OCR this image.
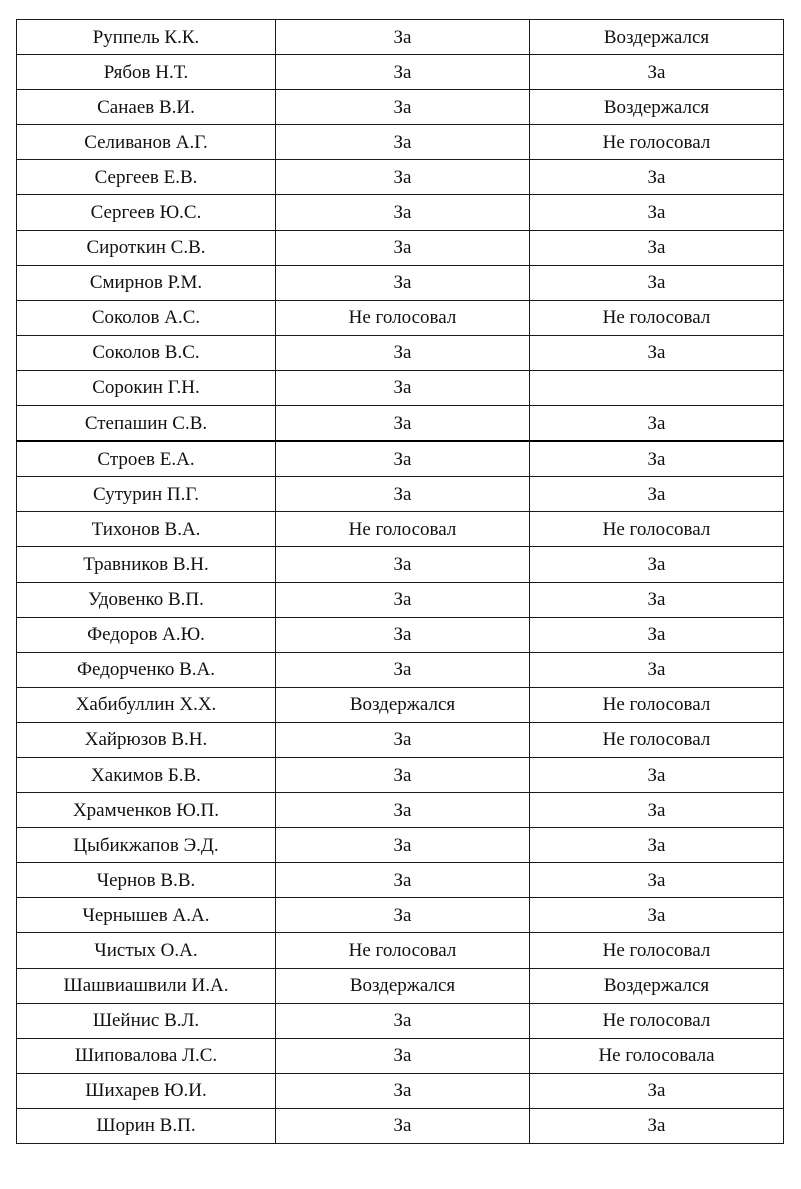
Руппель К.К.	За	Воздержался
Рябов Н.Т.	За	За
Санаев В.И.	За	Воздержался
Селиванов А.Г.	За	Не голосовал
Сергеев Е.В.	За	За
Сергеев Ю.С.	За	За
Сироткин С.В.	За	За
Смирнов Р.М.	За	За
Соколов А.С.	Не голосовал	Не голосовал
Соколов В.С.	За	За
Сорокин Г.Н.	За	
Степашин С.В.	За	За
Строев Е.А.	За	За
Сутурин П.Г.	За	За
Тихонов В.А.	Не голосовал	Не голосовал
Травников В.Н.	За	За
Удовенко В.П.	За	За
Федоров А.Ю.	За	За
Федорченко В.А.	За	За
Хабибуллин Х.Х.	Воздержался	Не голосовал
Хайрюзов В.Н.	За	Не голосовал
Хакимов Б.В.	За	За
Храмченков Ю.П.	За	За
Цыбикжапов Э.Д.	За	За
Чернов В.В.	За	За
Чернышев А.А.	За	За
Чистых О.А.	Не голосовал	Не голосовал
Шашвиашвили И.А.	Воздержался	Воздержался
Шейнис В.Л.	За	Не голосовал
Шиповалова Л.С.	За	Не голосовала
Шихарев Ю.И.	За	За
Шорин В.П.	За	За
